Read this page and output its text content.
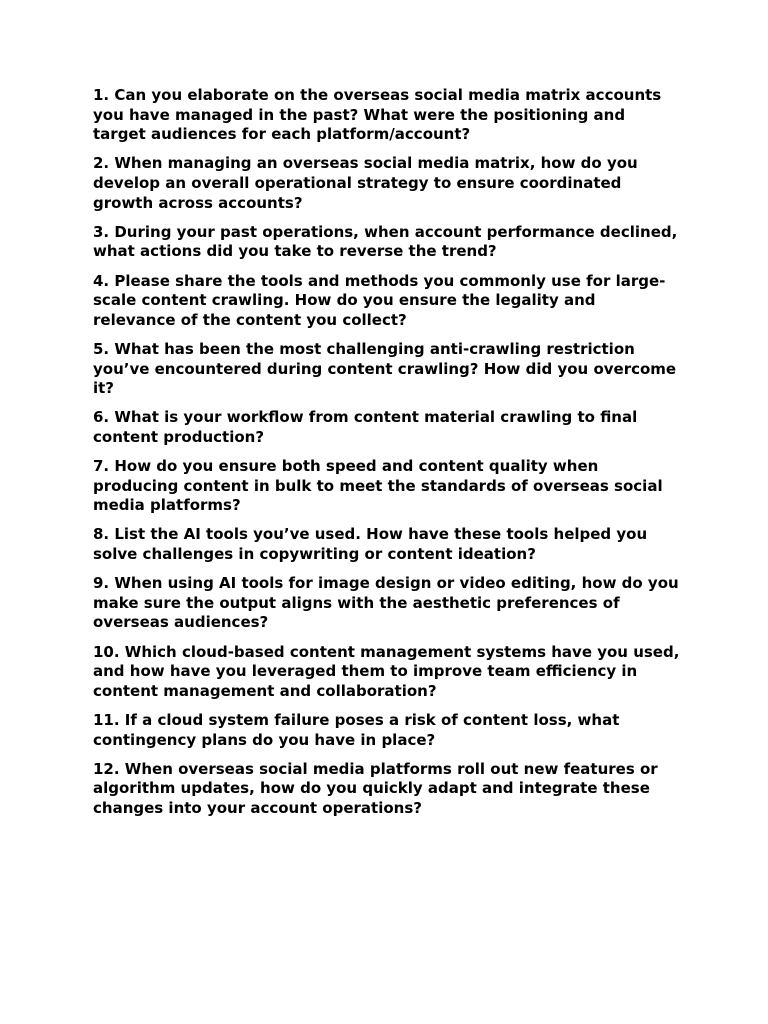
1. Can you elaborate on the overseas social media matrix accounts you have managed in the past? What were the positioning and target audiences for each platform/account?

2. When managing an overseas social media matrix, how do you develop an overall operational strategy to ensure coordinated growth across accounts?

3. During your past operations, when account performance declined, what actions did you take to reverse the trend?

4. Please share the tools and methods you commonly use for large-scale content crawling. How do you ensure the legality and relevance of the content you collect?

5. What has been the most challenging anti-crawling restriction you’ve encountered during content crawling? How did you overcome it?

6. What is your workflow from content material crawling to final content production?

7. How do you ensure both speed and content quality when producing content in bulk to meet the standards of overseas social media platforms?

8. List the AI tools you’ve used. How have these tools helped you solve challenges in copywriting or content ideation?

9. When using AI tools for image design or video editing, how do you make sure the output aligns with the aesthetic preferences of overseas audiences?

10. Which cloud-based content management systems have you used, and how have you leveraged them to improve team efficiency in content management and collaboration?

11. If a cloud system failure poses a risk of content loss, what contingency plans do you have in place?

12. When overseas social media platforms roll out new features or algorithm updates, how do you quickly adapt and integrate these changes into your account operations?
